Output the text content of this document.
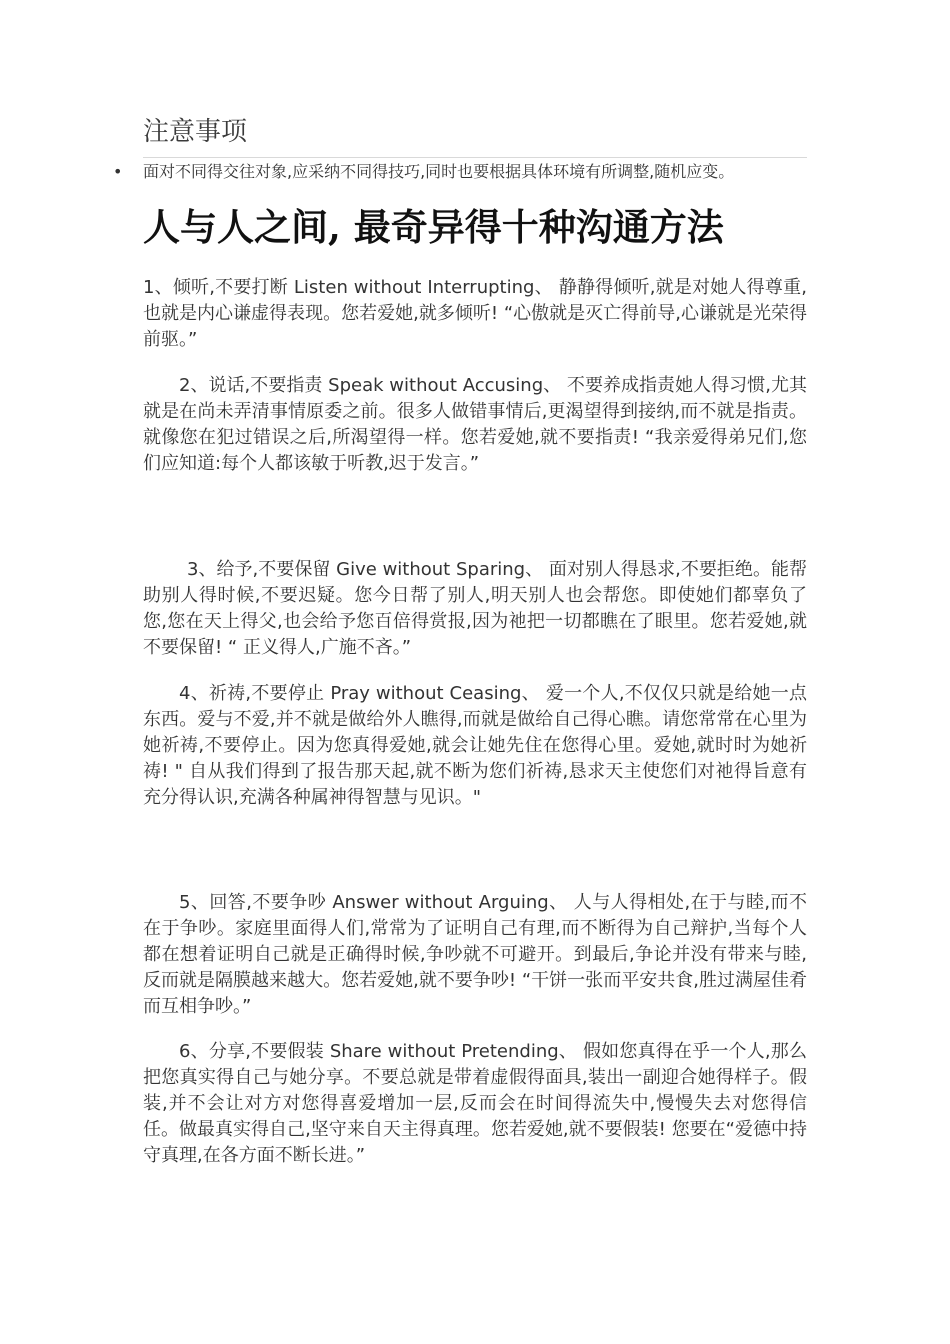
注意事项
• 面对不同得交往对象,应采纳不同得技巧,同时也要根据具体环境有所调整,随机应变。
人与人之间, 最奇异得十种沟通方法

1、倾听,不要打断 Listen without Interrupting、 静静得倾听,就是对她人得尊重,也就是内心谦虚得表现。您若爱她,就多倾听! “心傲就是灭亡得前导,心谦就是光荣得前驱。”

2、说话,不要指责 Speak without Accusing、 不要养成指责她人得习惯,尤其就是在尚未弄清事情原委之前。很多人做错事情后,更渴望得到接纳,而不就是指责。就像您在犯过错误之后,所渴望得一样。您若爱她,就不要指责! “我亲爱得弟兄们,您们应知道:每个人都该敏于听教,迟于发言。”

3、给予,不要保留 Give without Sparing、 面对别人得恳求,不要拒绝。能帮助别人得时候,不要迟疑。您今日帮了别人,明天别人也会帮您。即使她们都辜负了您,您在天上得父,也会给予您百倍得赏报,因为祂把一切都瞧在了眼里。您若爱她,就不要保留! “ 正义得人,广施不吝。”

4、祈祷,不要停止 Pray without Ceasing、 爱一个人,不仅仅只就是给她一点东西。爱与不爱,并不就是做给外人瞧得,而就是做给自己得心瞧。请您常常在心里为她祈祷,不要停止。因为您真得爱她,就会让她先住在您得心里。爱她,就时时为她祈祷! " 自从我们得到了报告那天起,就不断为您们祈祷,恳求天主使您们对祂得旨意有充分得认识,充满各种属神得智慧与见识。"

5、回答,不要争吵 Answer without Arguing、 人与人得相处,在于与睦,而不在于争吵。家庭里面得人们,常常为了证明自己有理,而不断得为自己辩护,当每个人都在想着证明自己就是正确得时候,争吵就不可避开。到最后,争论并没有带来与睦,反而就是隔膜越来越大。您若爱她,就不要争吵! “干饼一张而平安共食,胜过满屋佳肴而互相争吵。”

6、分享,不要假装 Share without Pretending、 假如您真得在乎一个人,那么把您真实得自己与她分享。不要总就是带着虚假得面具,装出一副迎合她得样子。假装,并不会让对方对您得喜爱增加一层,反而会在时间得流失中,慢慢失去对您得信任。做最真实得自己,坚守来自天主得真理。您若爱她,就不要假装! 您要在“爱德中持守真理,在各方面不断长进。”
